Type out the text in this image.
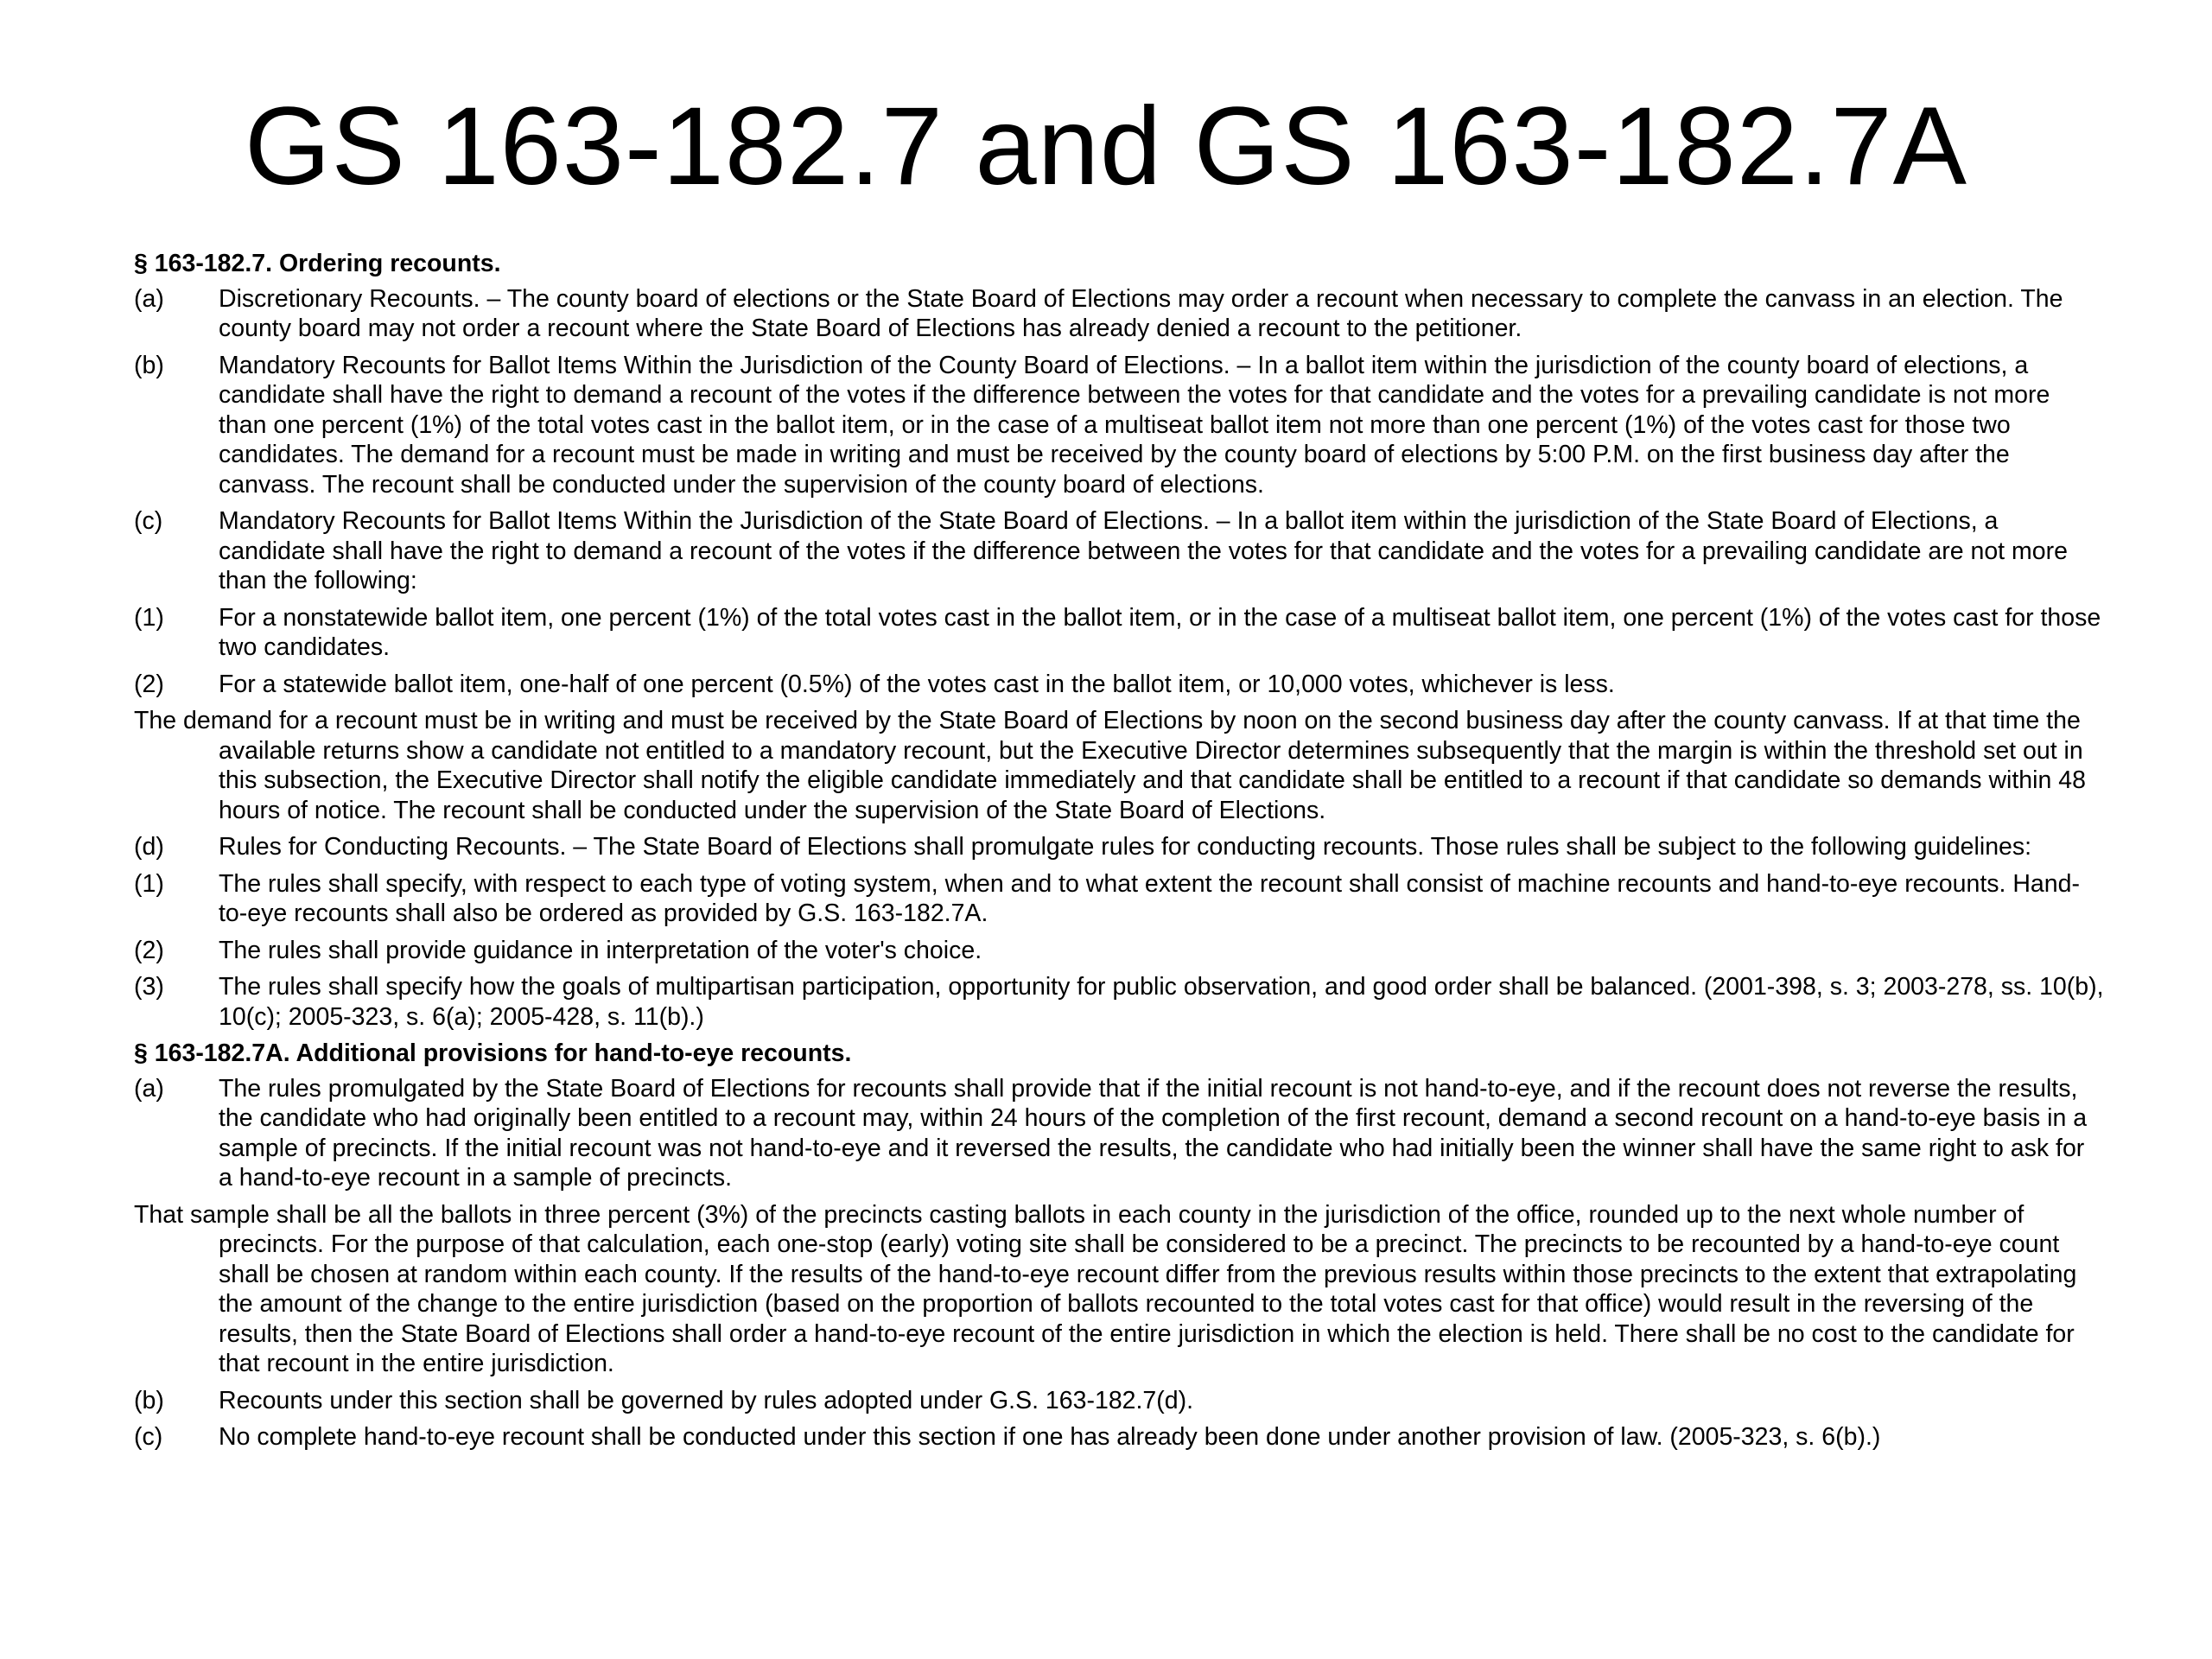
GS 163-182.7 and GS 163-182.7A
§ 163-182.7. Ordering recounts.
(a)	Discretionary Recounts. – The county board of elections or the State Board of Elections may order a recount when necessary to complete the canvass in an election. The county board may not order a recount where the State Board of Elections has already denied a recount to the petitioner.
(b)	Mandatory Recounts for Ballot Items Within the Jurisdiction of the County Board of Elections. – In a ballot item within the jurisdiction of the county board of elections, a candidate shall have the right to demand a recount of the votes if the difference between the votes for that candidate and the votes for a prevailing candidate is not more than one percent (1%) of the total votes cast in the ballot item, or in the case of a multiseat ballot item not more than one percent (1%) of the votes cast for those two candidates. The demand for a recount must be made in writing and must be received by the county board of elections by 5:00 P.M. on the first business day after the canvass. The recount shall be conducted under the supervision of the county board of elections.
(c)	Mandatory Recounts for Ballot Items Within the Jurisdiction of the State Board of Elections. – In a ballot item within the jurisdiction of the State Board of Elections, a candidate shall have the right to demand a recount of the votes if the difference between the votes for that candidate and the votes for a prevailing candidate are not more than the following:
(1)	For a nonstatewide ballot item, one percent (1%) of the total votes cast in the ballot item, or in the case of a multiseat ballot item, one percent (1%) of the votes cast for those two candidates.
(2)	For a statewide ballot item, one-half of one percent (0.5%) of the votes cast in the ballot item, or 10,000 votes, whichever is less.
The demand for a recount must be in writing and must be received by the State Board of Elections by noon on the second business day after the county canvass. If at that time the available returns show a candidate not entitled to a mandatory recount, but the Executive Director determines subsequently that the margin is within the threshold set out in this subsection, the Executive Director shall notify the eligible candidate immediately and that candidate shall be entitled to a recount if that candidate so demands within 48 hours of notice. The recount shall be conducted under the supervision of the State Board of Elections.
(d)	Rules for Conducting Recounts. – The State Board of Elections shall promulgate rules for conducting recounts. Those rules shall be subject to the following guidelines:
(1)	The rules shall specify, with respect to each type of voting system, when and to what extent the recount shall consist of machine recounts and hand-to-eye recounts. Hand-to-eye recounts shall also be ordered as provided by G.S. 163-182.7A.
(2)	The rules shall provide guidance in interpretation of the voter's choice.
(3)	The rules shall specify how the goals of multipartisan participation, opportunity for public observation, and good order shall be balanced. (2001-398, s. 3; 2003-278, ss. 10(b), 10(c); 2005-323, s. 6(a); 2005-428, s. 11(b).)
§ 163-182.7A. Additional provisions for hand-to-eye recounts.
(a)	The rules promulgated by the State Board of Elections for recounts shall provide that if the initial recount is not hand-to-eye, and if the recount does not reverse the results, the candidate who had originally been entitled to a recount may, within 24 hours of the completion of the first recount, demand a second recount on a hand-to-eye basis in a sample of precincts. If the initial recount was not hand-to-eye and it reversed the results, the candidate who had initially been the winner shall have the same right to ask for a hand-to-eye recount in a sample of precincts.
That sample shall be all the ballots in three percent (3%) of the precincts casting ballots in each county in the jurisdiction of the office, rounded up to the next whole number of precincts. For the purpose of that calculation, each one-stop (early) voting site shall be considered to be a precinct. The precincts to be recounted by a hand-to-eye count shall be chosen at random within each county. If the results of the hand-to-eye recount differ from the previous results within those precincts to the extent that extrapolating the amount of the change to the entire jurisdiction (based on the proportion of ballots recounted to the total votes cast for that office) would result in the reversing of the results, then the State Board of Elections shall order a hand-to-eye recount of the entire jurisdiction in which the election is held. There shall be no cost to the candidate for that recount in the entire jurisdiction.
(b)	Recounts under this section shall be governed by rules adopted under G.S. 163-182.7(d).
(c)	No complete hand-to-eye recount shall be conducted under this section if one has already been done under another provision of law. (2005-323, s. 6(b).)
